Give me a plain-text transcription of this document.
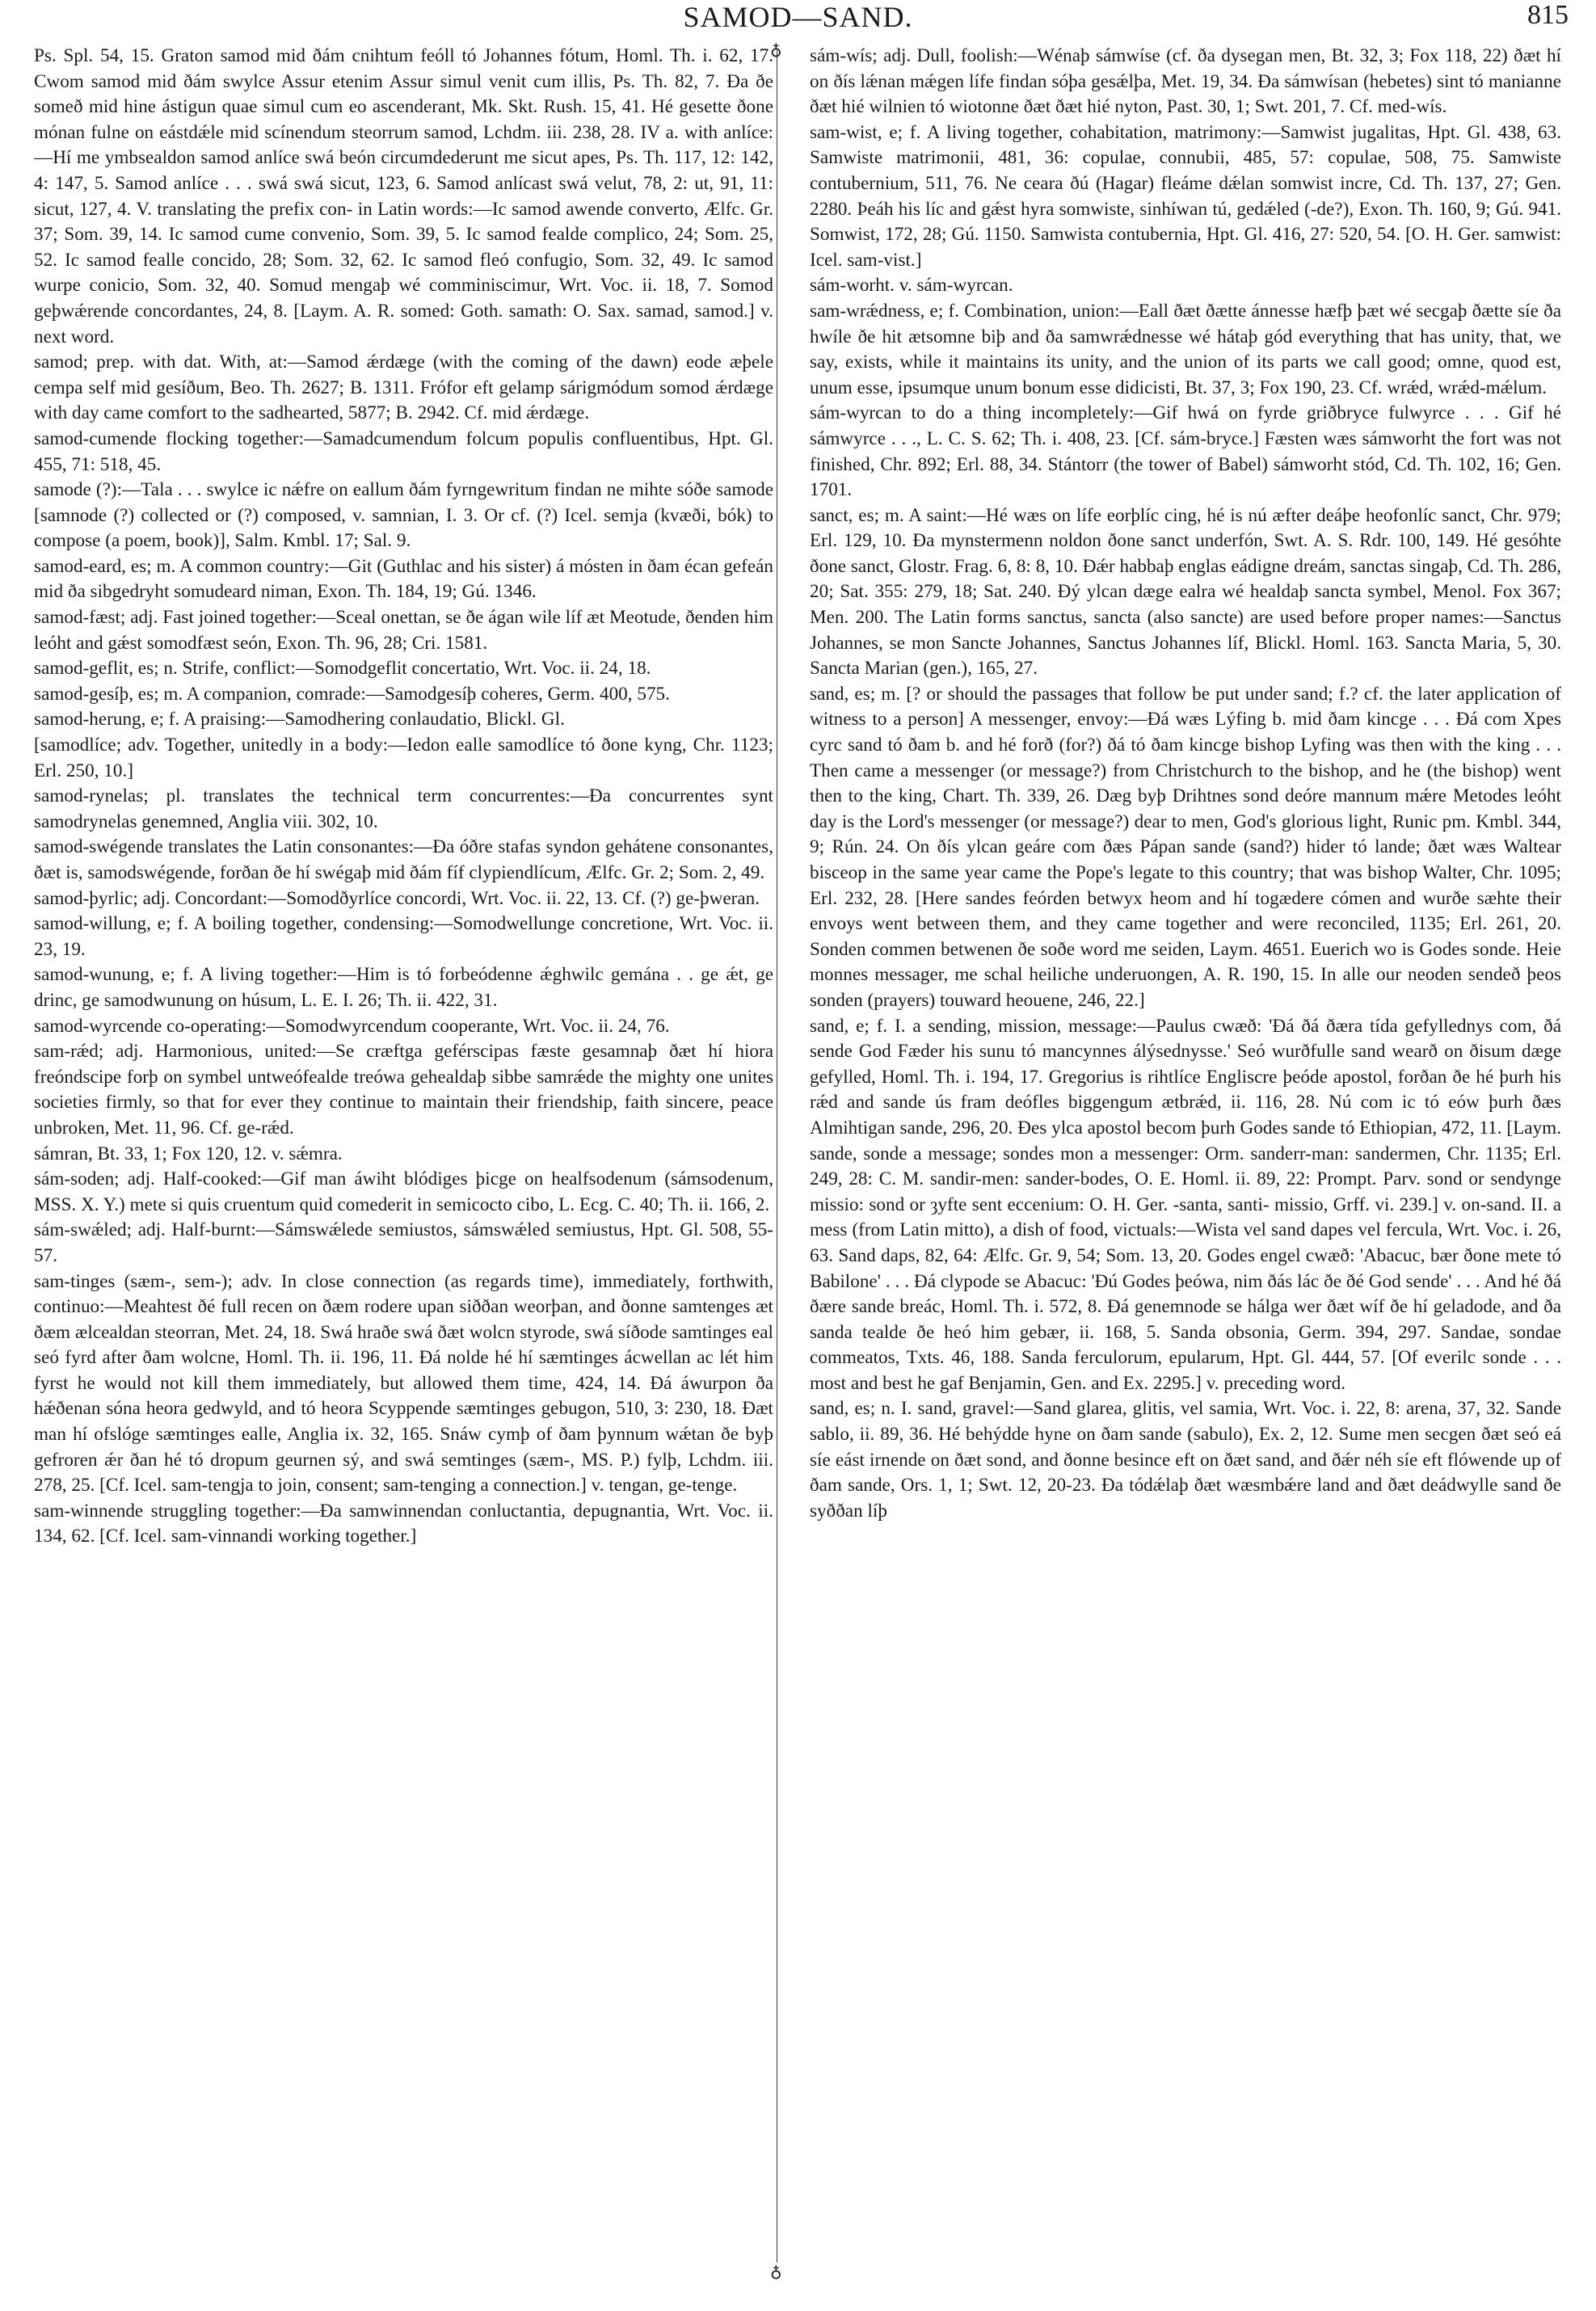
SAMOD—SAND.	815
♁
♁

Ps. Spl. 54, 15. Graton samod mid ðám cnihtum feóll tó Johannes fótum, Homl. Th. i. 62, 17. Cwom samod mid ðám swylce Assur etenim Assur simul venit cum illis, Ps. Th. 82, 7. Ða ðe someð mid hine ástigun quae simul cum eo ascenderant, Mk. Skt. Rush. 15, 41. Hé gesette ðone mónan fulne on eástdǽle mid scínendum steorrum samod, Lchdm. iii. 238, 28. IV a. with anlíce:—Hí me ymbsealdon samod anlíce swá beón circumdederunt me sicut apes, Ps. Th. 117, 12: 142, 4: 147, 5. Samod anlíce . . . swá swá sicut, 123, 6. Samod anlícast swá velut, 78, 2: ut, 91, 11: sicut, 127, 4. V. translating the prefix con- in Latin words:—Ic samod awende converto, Ælfc. Gr. 37; Som. 39, 14. Ic samod cume convenio, Som. 39, 5. Ic samod fealde complico, 24; Som. 25, 52. Ic samod fealle concido, 28; Som. 32, 62. Ic samod fleó confugio, Som. 32, 49. Ic samod wurpe conicio, Som. 32, 40. Somud mengaþ wé comminiscimur, Wrt. Voc. ii. 18, 7. Somod geþwǽrende concordantes, 24, 8. [Laym. A. R. somed: Goth. samath: O. Sax. samad, samod.] v. next word.

samod; prep. with dat. With, at:—Samod ǽrdæge (with the coming of the dawn) eode æþele cempa self mid gesíðum, Beo. Th. 2627; B. 1311. Frófor eft gelamp sárigmódum somod ǽrdæge with day came comfort to the sadhearted, 5877; B. 2942. Cf. mid ǽrdæge.

samod-cumende flocking together:—Samadcumendum folcum populis confluentibus, Hpt. Gl. 455, 71: 518, 45.

samode (?):—Tala . . . swylce ic nǽfre on eallum ðám fyrngewritum findan ne mihte sóðe samode [samnode (?) collected or (?) composed, v. samnian, I. 3. Or cf. (?) Icel. semja (kvæði, bók) to compose (a poem, book)], Salm. Kmbl. 17; Sal. 9.

samod-eard, es; m. A common country:—Git (Guthlac and his sister) á mósten in ðam écan gefeán mid ða sibgedryht somudeard niman, Exon. Th. 184, 19; Gú. 1346.

samod-fæst; adj. Fast joined together:—Sceal onettan, se ðe ágan wile líf æt Meotude, ðenden him leóht and gǽst somodfæst seón, Exon. Th. 96, 28; Cri. 1581.

samod-geflit, es; n. Strife, conflict:—Somodgeflit concertatio, Wrt. Voc. ii. 24, 18.

samod-gesíþ, es; m. A companion, comrade:—Samodgesíþ coheres, Germ. 400, 575.

samod-herung, e; f. A praising:—Samodhering conlaudatio, Blickl. Gl.

[samodlíce; adv. Together, unitedly in a body:—Iedon ealle samodlíce tó ðone kyng, Chr. 1123; Erl. 250, 10.]

samod-rynelas; pl. translates the technical term concurrentes:—Ða concurrentes synt samodrynelas genemned, Anglia viii. 302, 10.

samod-swégende translates the Latin consonantes:—Ða óðre stafas syndon gehátene consonantes, ðæt is, samodswégende, forðan ðe hí swégaþ mid ðám fíf clypiendlícum, Ælfc. Gr. 2; Som. 2, 49.

samod-þyrlic; adj. Concordant:—Somodðyrlíce concordi, Wrt. Voc. ii. 22, 13. Cf. (?) ge-þweran.

samod-willung, e; f. A boiling together, condensing:—Somodwellunge concretione, Wrt. Voc. ii. 23, 19.

samod-wunung, e; f. A living together:—Him is tó forbeódenne ǽghwilc gemána . . ge ǽt, ge drinc, ge samodwunung on húsum, L. E. I. 26; Th. ii. 422, 31.

samod-wyrcende co-operating:—Somodwyrcendum cooperante, Wrt. Voc. ii. 24, 76.

sam-rǽd; adj. Harmonious, united:—Se cræftga geférscipas fæste gesamnaþ ðæt hí hiora freóndscipe forþ on symbel untweófealde treówa gehealdaþ sibbe samrǽde the mighty one unites societies firmly, so that for ever they continue to maintain their friendship, faith sincere, peace unbroken, Met. 11, 96. Cf. ge-rǽd.

sámran, Bt. 33, 1; Fox 120, 12. v. sǽmra.

sám-soden; adj. Half-cooked:—Gif man áwiht blódiges þicge on healfsodenum (sámsodenum, MSS. X. Y.) mete si quis cruentum quid comederit in semicocto cibo, L. Ecg. C. 40; Th. ii. 166, 2.

sám-swǽled; adj. Half-burnt:—Sámswǽlede semiustos, sámswǽled semiustus, Hpt. Gl. 508, 55-57.

sam-tinges (sæm-, sem-); adv. In close connection (as regards time), immediately, forthwith, continuo:—Meahtest ðé full recen on ðæm rodere upan siððan weorþan, and ðonne samtenges æt ðæm ælcealdan steorran, Met. 24, 18. Swá hraðe swá ðæt wolcn styrode, swá síðode samtinges eal seó fyrd after ðam wolcne, Homl. Th. ii. 196, 11. Ðá nolde hé hí sæmtinges ácwellan ac lét him fyrst he would not kill them immediately, but allowed them time, 424, 14. Ðá áwurpon ða hǽðenan sóna heora gedwyld, and tó heora Scyppende sæmtinges gebugon, 510, 3: 230, 18. Ðæt man hí ofslóge sæmtinges ealle, Anglia ix. 32, 165. Snáw cymþ of ðam þynnum wǽtan ðe byþ gefroren ǽr ðan hé tó dropum geurnen sý, and swá semtinges (sæm-, MS. P.) fylþ, Lchdm. iii. 278, 25. [Cf. Icel. sam-tengja to join, consent; sam-tenging a connection.] v. tengan, ge-tenge.

sam-winnende struggling together:—Ða samwinnendan conluctantia, depugnantia, Wrt. Voc. ii. 134, 62. [Cf. Icel. sam-vinnandi working together.]

sám-wís; adj. Dull, foolish:—Wénaþ sámwíse (cf. ða dysegan men, Bt. 32, 3; Fox 118, 22) ðæt hí on ðís lǽnan mǽgen lífe findan sóþa gesǽlþa, Met. 19, 34. Ða sámwísan (hebetes) sint tó manianne ðæt hié wilnien tó wiotonne ðæt ðæt hié nyton, Past. 30, 1; Swt. 201, 7. Cf. med-wís.

sam-wist, e; f. A living together, cohabitation, matrimony:—Samwist jugalitas, Hpt. Gl. 438, 63. Samwiste matrimonii, 481, 36: copulae, connubii, 485, 57: copulae, 508, 75. Samwiste contubernium, 511, 76. Ne ceara ðú (Hagar) fleáme dǽlan somwist incre, Cd. Th. 137, 27; Gen. 2280. Þeáh his líc and gǽst hyra somwiste, sinhíwan tú, gedǽled (-de?), Exon. Th. 160, 9; Gú. 941. Somwist, 172, 28; Gú. 1150. Samwista contubernia, Hpt. Gl. 416, 27: 520, 54. [O. H. Ger. samwist: Icel. sam-vist.]

sám-worht. v. sám-wyrcan.

sam-wrǽdness, e; f. Combination, union:—Eall ðæt ðætte ánnesse hæfþ þæt wé secgaþ ðætte síe ða hwíle ðe hit ætsomne biþ and ða samwrǽdnesse wé hátaþ gód everything that has unity, that, we say, exists, while it maintains its unity, and the union of its parts we call good; omne, quod est, unum esse, ipsumque unum bonum esse didicisti, Bt. 37, 3; Fox 190, 23. Cf. wrǽd, wrǽd-mǽlum.

sám-wyrcan to do a thing incompletely:—Gif hwá on fyrde griðbryce fulwyrce . . . Gif hé sámwyrce . . ., L. C. S. 62; Th. i. 408, 23. [Cf. sám-bryce.] Fæsten wæs sámworht the fort was not finished, Chr. 892; Erl. 88, 34. Stántorr (the tower of Babel) sámworht stód, Cd. Th. 102, 16; Gen. 1701.

sanct, es; m. A saint:—Hé wæs on lífe eorþlíc cing, hé is nú æfter deáþe heofonlíc sanct, Chr. 979; Erl. 129, 10. Ða mynstermenn noldon ðone sanct underfón, Swt. A. S. Rdr. 100, 149. Hé gesóhte ðone sanct, Glostr. Frag. 6, 8: 8, 10. Ðǽr habbaþ englas eádigne dreám, sanctas singaþ, Cd. Th. 286, 20; Sat. 355: 279, 18; Sat. 240. Ðý ylcan dæge ealra wé healdaþ sancta symbel, Menol. Fox 367; Men. 200. The Latin forms sanctus, sancta (also sancte) are used before proper names:—Sanctus Johannes, se mon Sancte Johannes, Sanctus Johannes líf, Blickl. Homl. 163. Sancta Maria, 5, 30. Sancta Marian (gen.), 165, 27.

sand, es; m. [? or should the passages that follow be put under sand; f.? cf. the later application of witness to a person] A messenger, envoy:—Ðá wæs Lýfing b. mid ðam kincge . . . Ðá com Xpes cyrc sand tó ðam b. and hé forð (for?) ðá tó ðam kincge bishop Lyfing was then with the king . . . Then came a messenger (or message?) from Christchurch to the bishop, and he (the bishop) went then to the king, Chart. Th. 339, 26. Dæg byþ Drihtnes sond deóre mannum mǽre Metodes leóht day is the Lord's messenger (or message?) dear to men, God's glorious light, Runic pm. Kmbl. 344, 9; Rún. 24. On ðís ylcan geáre com ðæs Pápan sande (sand?) hider tó lande; ðæt wæs Waltear bisceop in the same year came the Pope's legate to this country; that was bishop Walter, Chr. 1095; Erl. 232, 28. [Here sandes feórden betwyx heom and hí togædere cómen and wurðe sæhte their envoys went between them, and they came together and were reconciled, 1135; Erl. 261, 20. Sonden commen betwenen ðe soðe word me seiden, Laym. 4651. Euerich wo is Godes sonde. Heie monnes messager, me schal heiliche underuongen, A. R. 190, 15. In alle our neoden sendeð þeos sonden (prayers) touward heouene, 246, 22.]

sand, e; f. I. a sending, mission, message:—Paulus cwæð: 'Ðá ðá ðæra tída gefyllednys com, ðá sende God Fæder his sunu tó mancynnes álýsednysse.' Seó wurðfulle sand wearð on ðisum dæge gefylled, Homl. Th. i. 194, 17. Gregorius is rihtlíce Engliscre þeóde apostol, forðan ðe hé þurh his rǽd and sande ús fram deófles biggengum ætbrǽd, ii. 116, 28. Nú com ic tó eów þurh ðæs Almihtigan sande, 296, 20. Ðes ylca apostol becom þurh Godes sande tó Ethiopian, 472, 11. [Laym. sande, sonde a message; sondes mon a messenger: Orm. sanderr-man: sandermen, Chr. 1135; Erl. 249, 28: C. M. sandir-men: sander-bodes, O. E. Homl. ii. 89, 22: Prompt. Parv. sond or sendynge missio: sond or ȝyfte sent eccenium: O. H. Ger. -santa, santi- missio, Grff. vi. 239.] v. on-sand. II. a mess (from Latin mitto), a dish of food, victuals:—Wista vel sand dapes vel fercula, Wrt. Voc. i. 26, 63. Sand daps, 82, 64: Ælfc. Gr. 9, 54; Som. 13, 20. Godes engel cwæð: 'Abacuc, bær ðone mete tó Babilone' . . . Ðá clypode se Abacuc: 'Ðú Godes þeówa, nim ðás lác ðe ðé God sende' . . . And hé ðá ðære sande breác, Homl. Th. i. 572, 8. Ðá genemnode se hálga wer ðæt wíf ðe hí geladode, and ða sanda tealde ðe heó him gebær, ii. 168, 5. Sanda obsonia, Germ. 394, 297. Sandae, sondae commeatos, Txts. 46, 188. Sanda ferculorum, epularum, Hpt. Gl. 444, 57. [Of everilc sonde . . . most and best he gaf Benjamin, Gen. and Ex. 2295.] v. preceding word.

sand, es; n. I. sand, gravel:—Sand glarea, glitis, vel samia, Wrt. Voc. i. 22, 8: arena, 37, 32. Sande sablo, ii. 89, 36. Hé behýdde hyne on ðam sande (sabulo), Ex. 2, 12. Sume men secgen ðæt seó eá síe eást irnende on ðæt sond, and ðonne besince eft on ðæt sand, and ðǽr néh síe eft flówende up of ðam sande, Ors. 1, 1; Swt. 12, 20-23. Ða tódǽlaþ ðæt wæsmbǽre land and ðæt deádwylle sand ðe syððan líþ
